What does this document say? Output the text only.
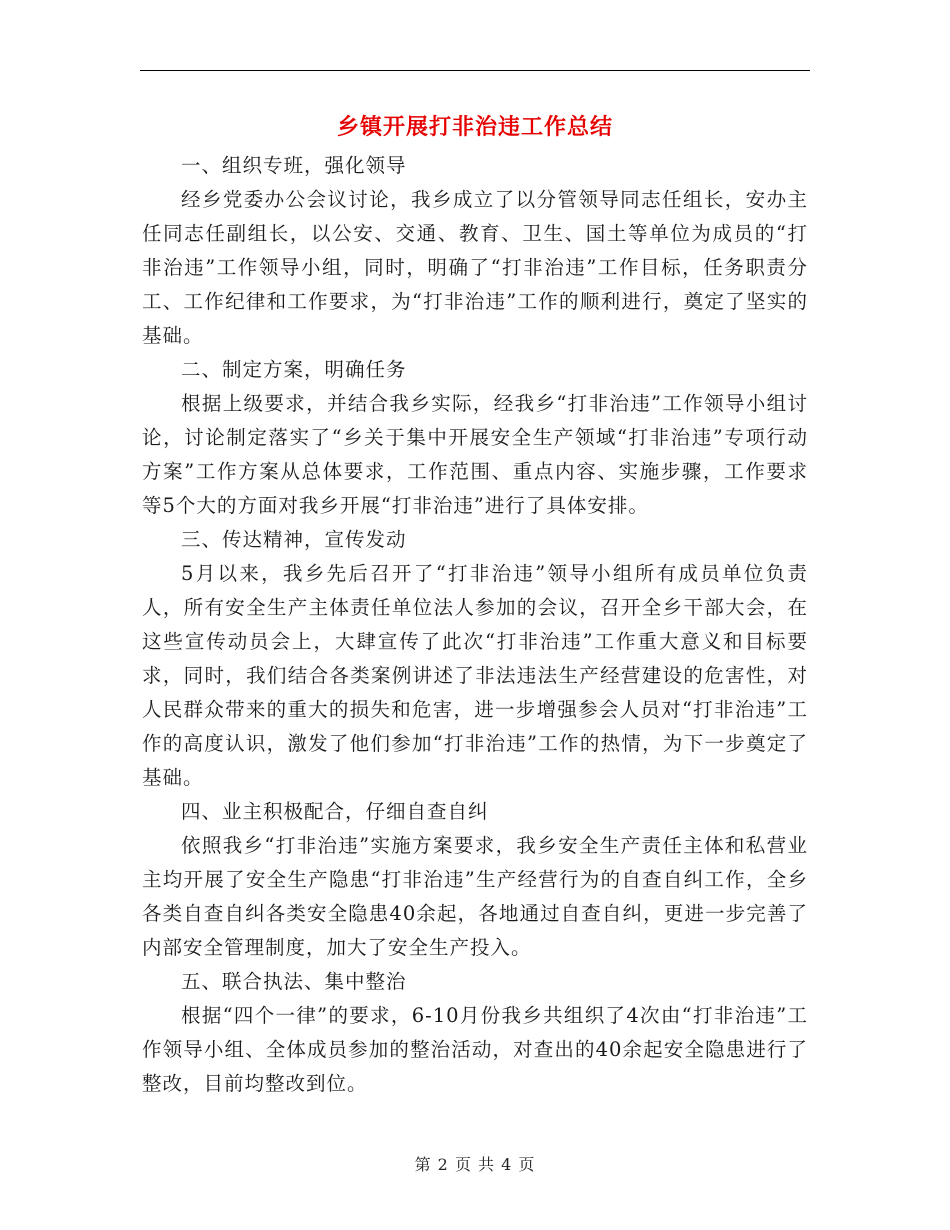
乡镇开展打非治违工作总结

一、组织专班，强化领导

经乡党委办公会议讨论，我乡成立了以分管领导同志任组长，安办主任同志任副组长，以公安、交通、教育、卫生、国土等单位为成员的“打非治违”工作领导小组，同时，明确了“打非治违”工作目标，任务职责分工、工作纪律和工作要求，为“打非治违”工作的顺利进行，奠定了坚实的基础。

二、制定方案，明确任务

根据上级要求，并结合我乡实际，经我乡“打非治违”工作领导小组讨论，讨论制定落实了“乡关于集中开展安全生产领域“打非治违”专项行动方案”工作方案从总体要求，工作范围、重点内容、实施步骤，工作要求等5个大的方面对我乡开展“打非治违”进行了具体安排。

三、传达精神，宣传发动

5月以来，我乡先后召开了“打非治违”领导小组所有成员单位负责人，所有安全生产主体责任单位法人参加的会议，召开全乡干部大会，在这些宣传动员会上，大肆宣传了此次“打非治违”工作重大意义和目标要求，同时，我们结合各类案例讲述了非法违法生产经营建设的危害性，对人民群众带来的重大的损失和危害，进一步增强参会人员对“打非治违”工作的高度认识，激发了他们参加“打非治违”工作的热情，为下一步奠定了基础。

四、业主积极配合，仔细自查自纠

依照我乡“打非治违”实施方案要求，我乡安全生产责任主体和私营业主均开展了安全生产隐患“打非治违”生产经营行为的自查自纠工作，全乡各类自查自纠各类安全隐患40余起，各地通过自查自纠，更进一步完善了内部安全管理制度，加大了安全生产投入。

五、联合执法、集中整治

根据“四个一律”的要求，6-10月份我乡共组织了4次由“打非治违”工作领导小组、全体成员参加的整治活动，对查出的40余起安全隐患进行了整改，目前均整改到位。

第 2 页 共 4 页
